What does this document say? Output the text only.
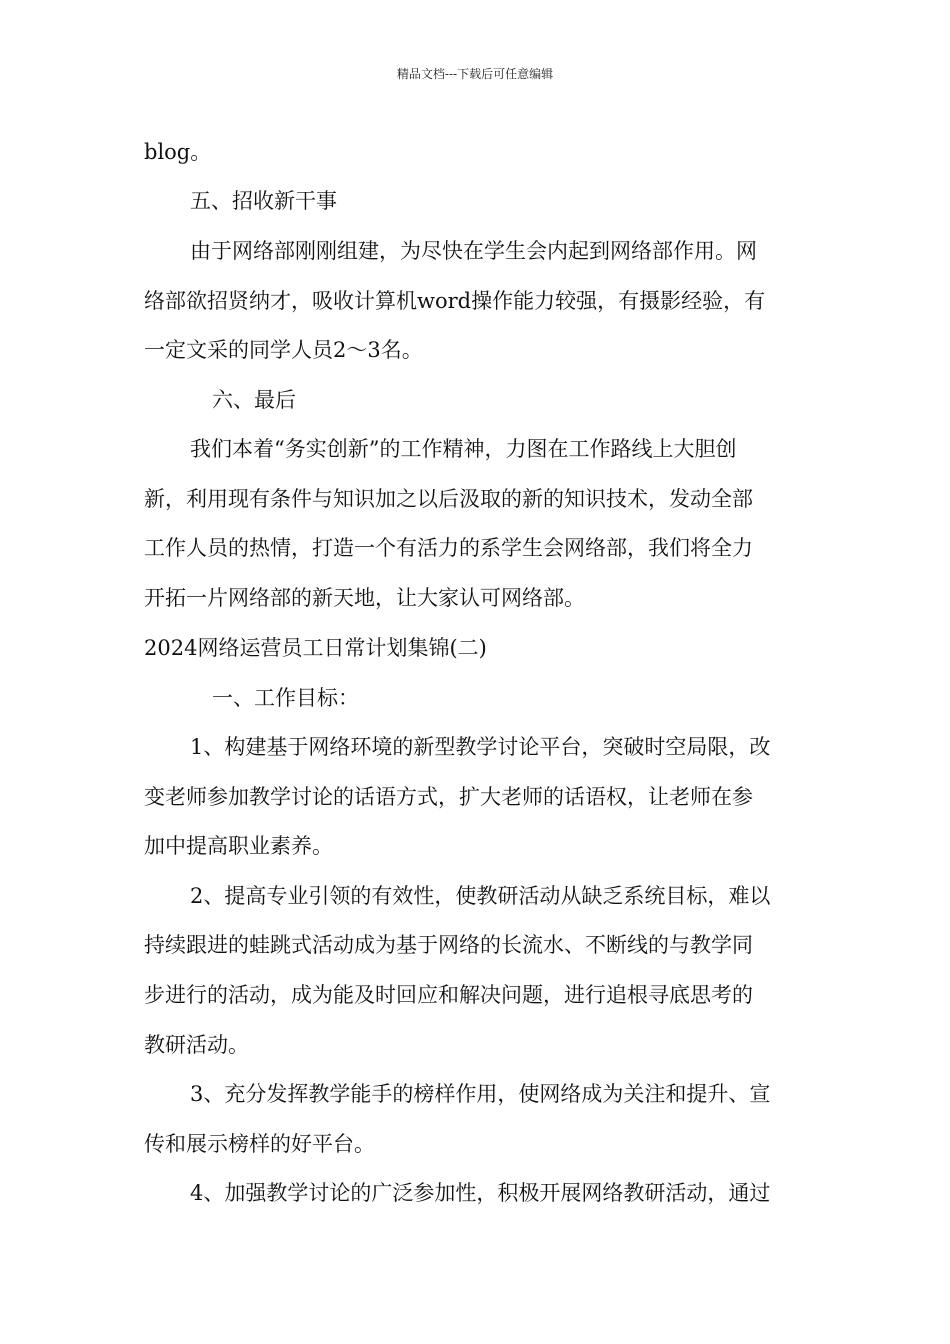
精品文档---下载后可任意编辑
blog。
五、招收新干事
由于网络部刚刚组建，为尽快在学生会内起到网络部作用。网
络部欲招贤纳才，吸收计算机word操作能力较强，有摄影经验，有
一定文采的同学人员2～3名。
六、最后
我们本着“务实创新”的工作精神，力图在工作路线上大胆创
新，利用现有条件与知识加之以后汲取的新的知识技术，发动全部
工作人员的热情，打造一个有活力的系学生会网络部，我们将全力
开拓一片网络部的新天地，让大家认可网络部。
2024网络运营员工日常计划集锦(二)
一、工作目标：
1、构建基于网络环境的新型教学讨论平台，突破时空局限，改
变老师参加教学讨论的话语方式，扩大老师的话语权，让老师在参
加中提高职业素养。
2、提高专业引领的有效性，使教研活动从缺乏系统目标，难以
持续跟进的蛙跳式活动成为基于网络的长流水、不断线的与教学同
步进行的活动，成为能及时回应和解决问题，进行追根寻底思考的
教研活动。
3、充分发挥教学能手的榜样作用，使网络成为关注和提升、宣
传和展示榜样的好平台。
4、加强教学讨论的广泛参加性，积极开展网络教研活动，通过
